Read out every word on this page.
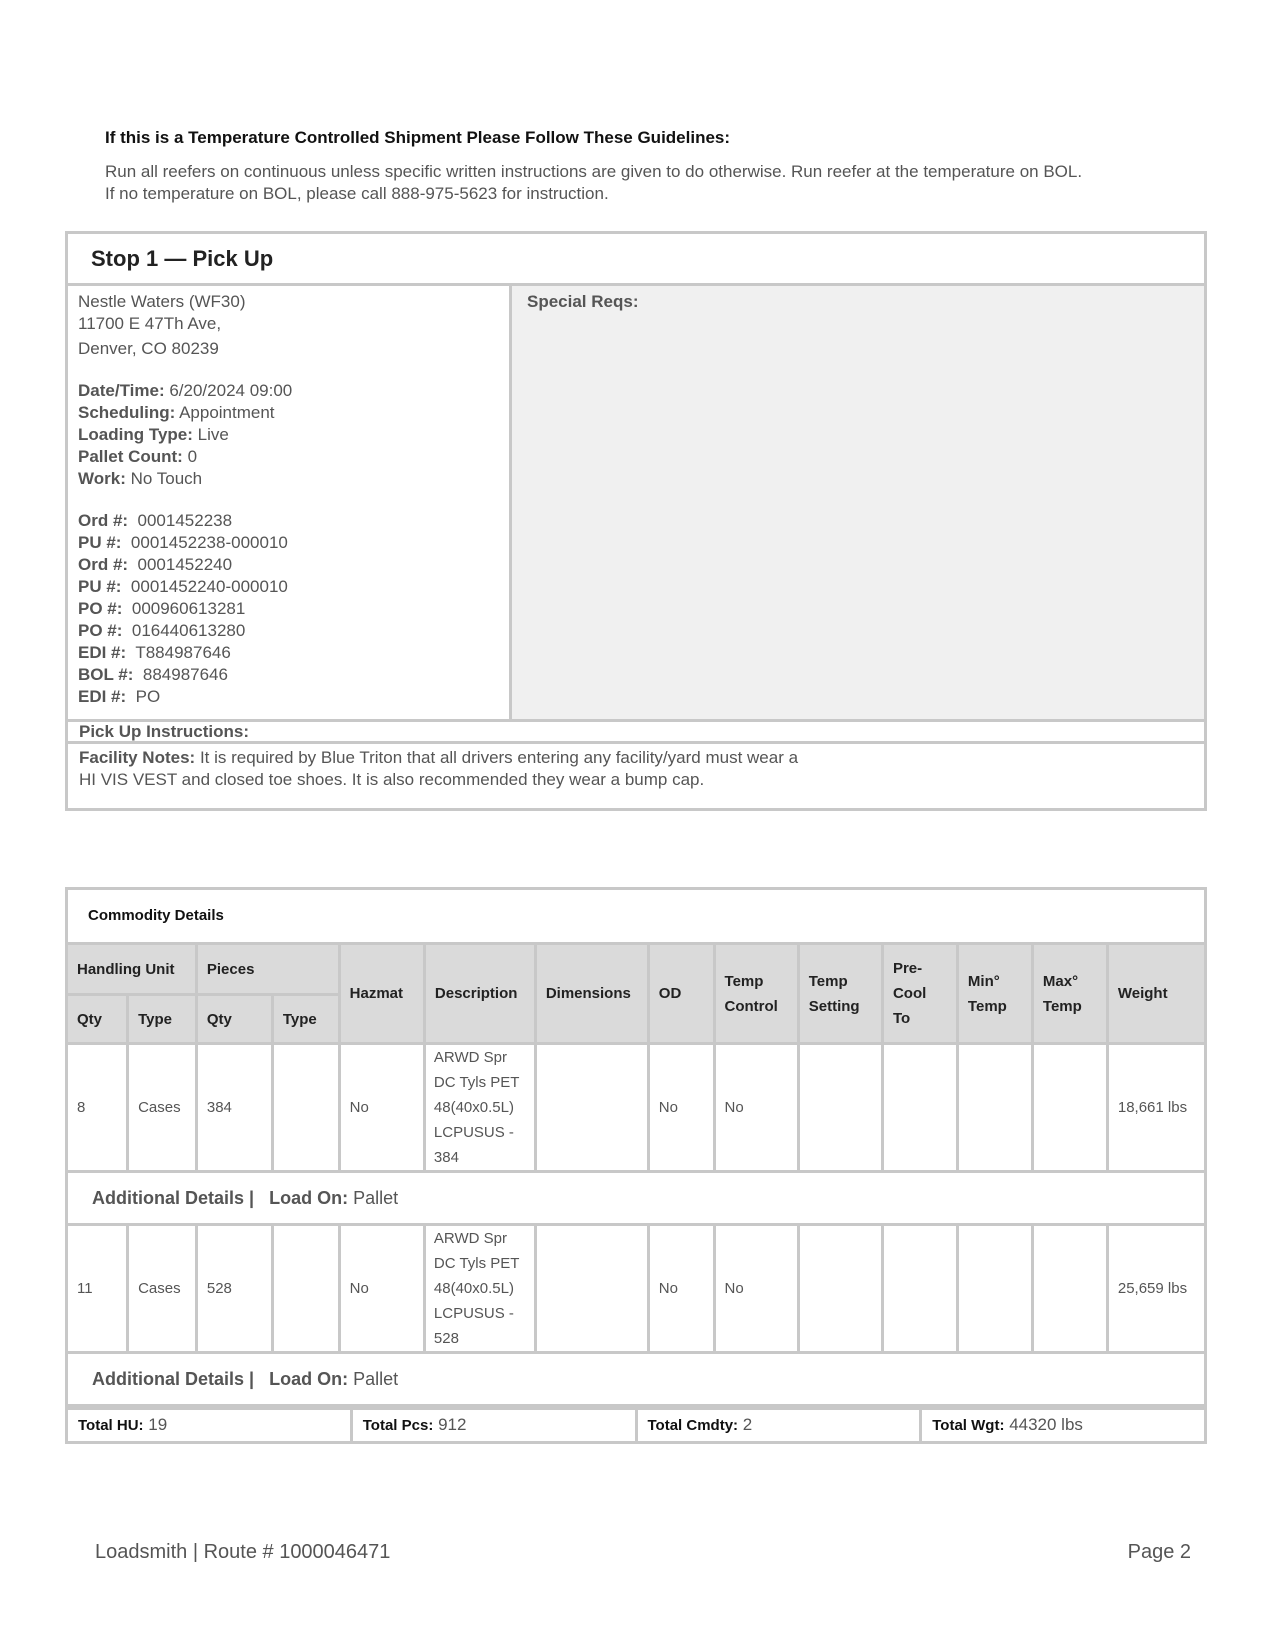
If this is a Temperature Controlled Shipment Please Follow These Guidelines:
Run all reefers on continuous unless specific written instructions are given to do otherwise. Run reefer at the temperature on BOL.
If no temperature on BOL, please call 888-975-5623 for instruction.
Stop 1 — Pick Up
Nestle Waters (WF30)
11700 E 47Th Ave,
Denver, CO 80239
Date/Time: 6/20/2024 09:00
Scheduling: Appointment
Loading Type: Live
Pallet Count: 0
Work: No Touch
Ord #: 0001452238
PU #: 0001452238-000010
Ord #: 0001452240
PU #: 0001452240-000010
PO #: 000960613281
PO #: 016440613280
EDI #: T884987646
BOL #: 884987646
EDI #: PO
Special Reqs:
Pick Up Instructions:
Facility Notes: It is required by Blue Triton that all drivers entering any facility/yard must wear a HI VIS VEST and closed toe shoes. It is also recommended they wear a bump cap.
Commodity Details
Handling Unit		Pieces		Hazmat	Description	Dimensions	OD	Temp Control	Temp Setting	Pre-Cool To	Min° Temp	Max° Temp	Weight
Qty	Type	Qty	Type										
8	Cases	384		No	ARWD Spr DC Tyls PET 48(40x0.5L) LCPUSUS - 384		No	No					18,661 lbs
Additional Details | Load On: Pallet													
11	Cases	528		No	ARWD Spr DC Tyls PET 48(40x0.5L) LCPUSUS - 528		No	No					25,659 lbs
Additional Details | Load On: Pallet													
Total HU: 19	Total Pcs: 912	Total Cmdty: 2	Total Wgt: 44320 lbs
Loadsmith | Route # 1000046471	Page 2
